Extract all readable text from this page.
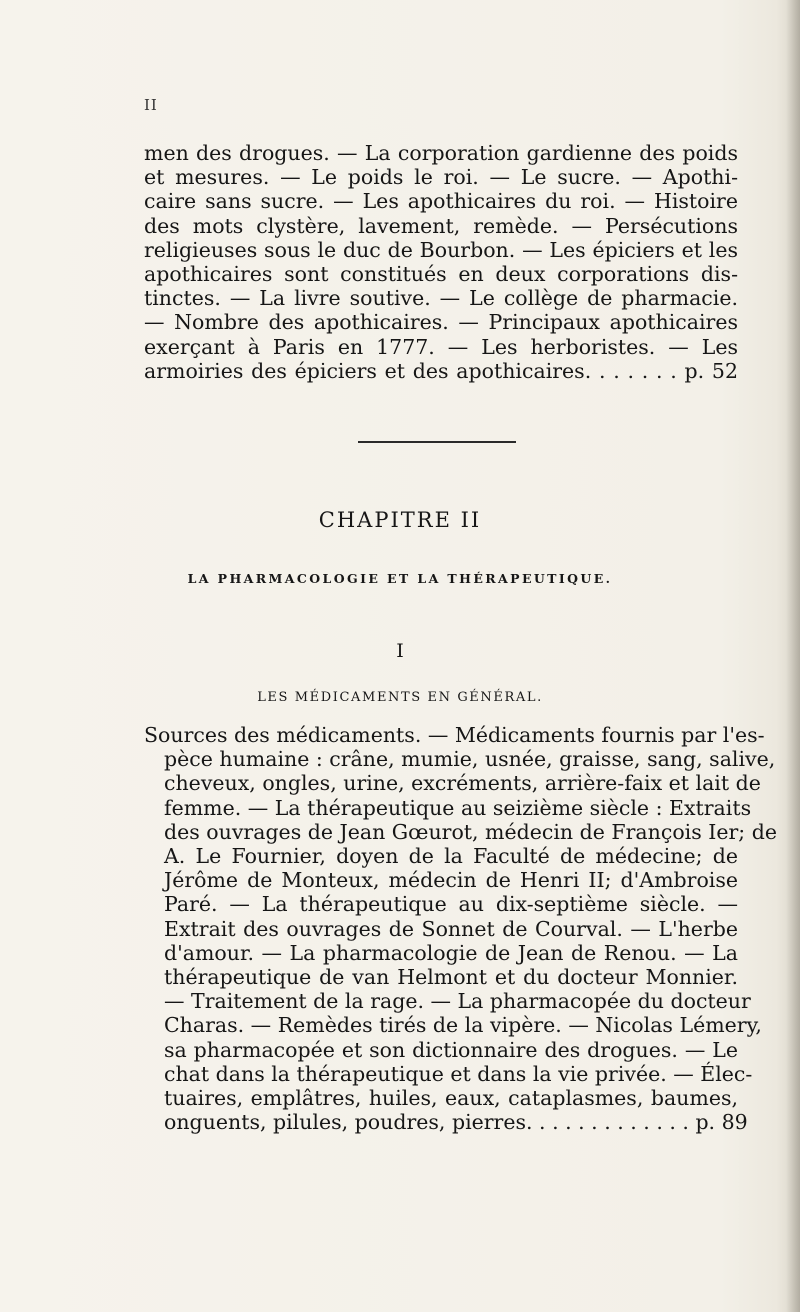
II
men des drogues. — La corporation gardienne des poids
et mesures. — Le poids le roi. — Le sucre. — Apothi-
caire sans sucre. — Les apothicaires du roi. — Histoire
des mots clystère, lavement, remède. — Persécutions
religieuses sous le duc de Bourbon. — Les épiciers et les
apothicaires sont constitués en deux corporations dis-
tinctes. — La livre soutive. — Le collège de pharmacie.
— Nombre des apothicaires. — Principaux apothicaires
exerçant à Paris en 1777. — Les herboristes. — Les
armoiries des épiciers et des apothicaires. . . . . . . p. 52
CHAPITRE II
LA PHARMACOLOGIE ET LA THÉRAPEUTIQUE.
I
LES MÉDICAMENTS EN GÉNÉRAL.
Sources des médicaments. — Médicaments fournis par l'es-
pèce humaine : crâne, mumie, usnée, graisse, sang, salive,
cheveux, ongles, urine, excréments, arrière-faix et lait de
femme. — La thérapeutique au seizième siècle : Extraits
des ouvrages de Jean Gœurot, médecin de François Ier; de
A. Le Fournier, doyen de la Faculté de médecine; de
Jérôme de Monteux, médecin de Henri II; d'Ambroise
Paré. — La thérapeutique au dix-septième siècle. —
Extrait des ouvrages de Sonnet de Courval. — L'herbe
d'amour. — La pharmacologie de Jean de Renou. — La
thérapeutique de van Helmont et du docteur Monnier.
— Traitement de la rage. — La pharmacopée du docteur
Charas. — Remèdes tirés de la vipère. — Nicolas Lémery,
sa pharmacopée et son dictionnaire des drogues. — Le
chat dans la thérapeutique et dans la vie privée. — Élec-
tuaires, emplâtres, huiles, eaux, cataplasmes, baumes,
onguents, pilules, poudres, pierres. . . . . . . . . . . . . p. 89
